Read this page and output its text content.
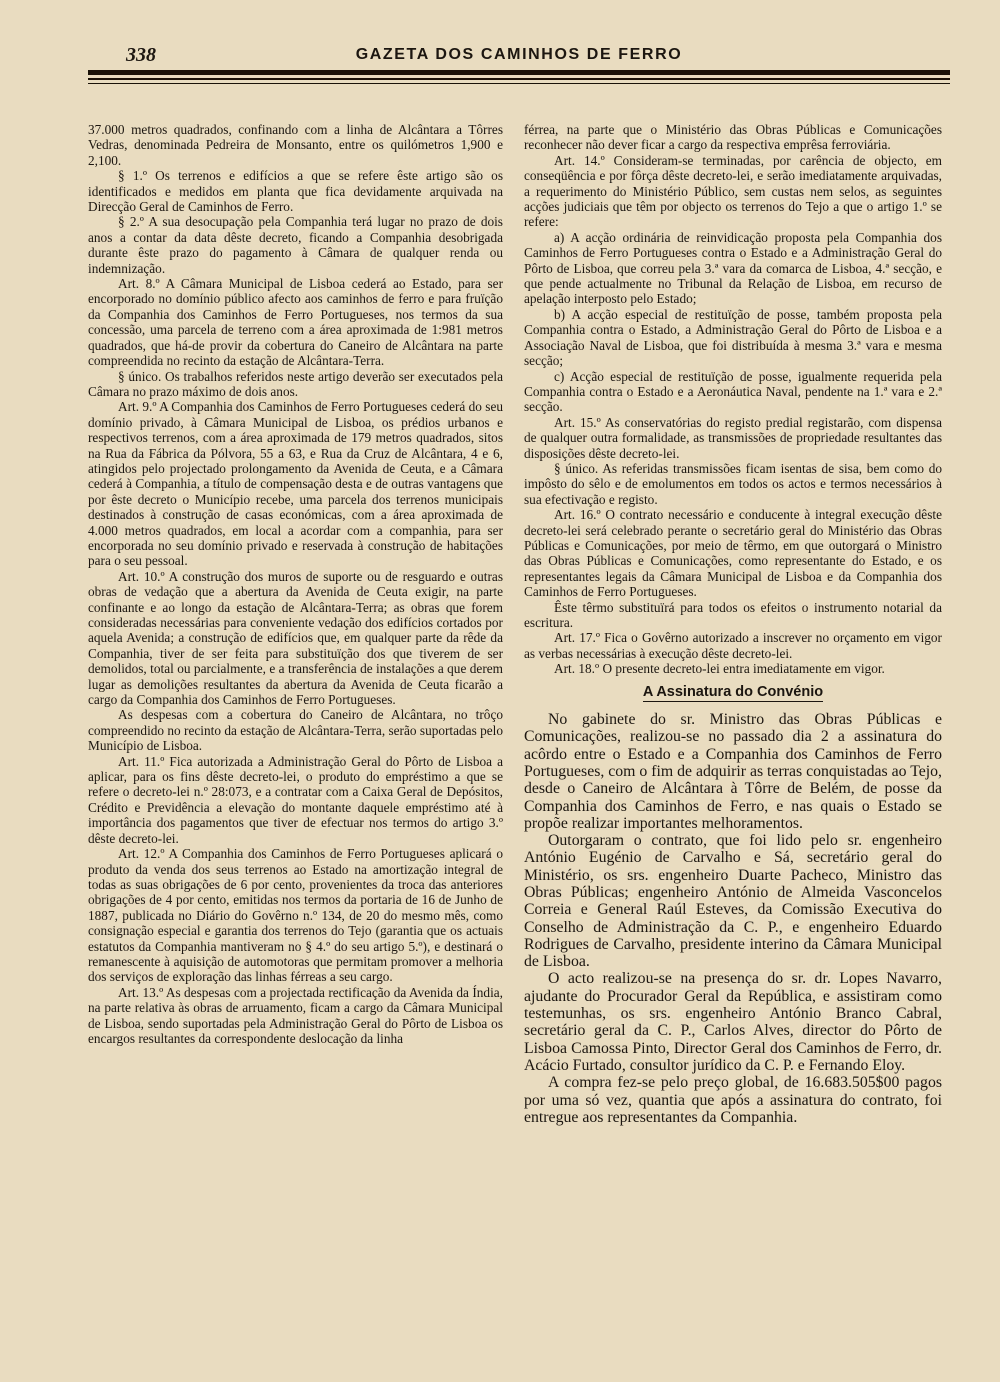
338	GAZETA DOS CAMINHOS DE FERRO

37.000 metros quadrados, confinando com a linha de Alcântara a Tôrres Vedras, denominada Pedreira de Monsanto, entre os quilómetros 1,900 e 2,100.

§ 1.º Os terrenos e edifícios a que se refere êste artigo são os identificados e medidos em planta que fica devidamente arquivada na Direcção Geral de Caminhos de Ferro.

§ 2.º A sua desocupação pela Companhia terá lugar no prazo de dois anos a contar da data dêste decreto, ficando a Companhia desobrigada durante êste prazo do pagamento à Câmara de qualquer renda ou indemnização.

Art. 8.º A Câmara Municipal de Lisboa cederá ao Estado, para ser encorporado no domínio público afecto aos caminhos de ferro e para fruïção da Companhia dos Caminhos de Ferro Portugueses, nos termos da sua concessão, uma parcela de terreno com a área aproximada de 1:981 metros quadrados, que há-de provir da cobertura do Caneiro de Alcântara na parte compreendida no recinto da estação de Alcântara-Terra.

§ único. Os trabalhos referidos neste artigo deverão ser executados pela Câmara no prazo máximo de dois anos.

Art. 9.º A Companhia dos Caminhos de Ferro Portugueses cederá do seu domínio privado, à Câmara Municipal de Lisboa, os prédios urbanos e respectivos terrenos, com a área aproximada de 179 metros quadrados, sitos na Rua da Fábrica da Pólvora, 55 a 63, e Rua da Cruz de Alcântara, 4 e 6, atingidos pelo projectado prolongamento da Avenida de Ceuta, e a Câmara cederá à Companhia, a título de compensação desta e de outras vantagens que por êste decreto o Município recebe, uma parcela dos terrenos municipais destinados à construção de casas económicas, com a área aproximada de 4.000 metros quadrados, em local a acordar com a companhia, para ser encorporada no seu domínio privado e reservada à construção de habitações para o seu pessoal.

Art. 10.º A construção dos muros de suporte ou de resguardo e outras obras de vedação que a abertura da Avenida de Ceuta exigir, na parte confinante e ao longo da estação de Alcântara-Terra; as obras que forem consideradas necessárias para conveniente vedação dos edifícios cortados por aquela Avenida; a construção de edifícios que, em qualquer parte da rêde da Companhia, tiver de ser feita para substituïção dos que tiverem de ser demolidos, total ou parcialmente, e a transferência de instalações a que derem lugar as demolições resultantes da abertura da Avenida de Ceuta ficarão a cargo da Companhia dos Caminhos de Ferro Portugueses.

As despesas com a cobertura do Caneiro de Alcântara, no trôço compreendido no recinto da estação de Alcântara-Terra, serão suportadas pelo Município de Lisboa.

Art. 11.º Fica autorizada a Administração Geral do Pôrto de Lisboa a aplicar, para os fins dêste decreto-lei, o produto do empréstimo a que se refere o decreto-lei n.º 28:073, e a contratar com a Caixa Geral de Depósitos, Crédito e Previdência a elevação do montante daquele empréstimo até à importância dos pagamentos que tiver de efectuar nos termos do artigo 3.º dêste decreto-lei.

Art. 12.º A Companhia dos Caminhos de Ferro Portugueses aplicará o produto da venda dos seus terrenos ao Estado na amortização integral de todas as suas obrigações de 6 por cento, provenientes da troca das anteriores obrigações de 4 por cento, emitidas nos termos da portaria de 16 de Junho de 1887, publicada no Diário do Govêrno n.º 134, de 20 do mesmo mês, como consignação especial e garantia dos terrenos do Tejo (garantia que os actuais estatutos da Companhia mantiveram no § 4.º do seu artigo 5.º), e destinará o remanescente à aquisição de automotoras que permitam promover a melhoria dos serviços de exploração das linhas férreas a seu cargo.

Art. 13.º As despesas com a projectada rectificação da Avenida da Índia, na parte relativa às obras de arruamento, ficam a cargo da Câmara Municipal de Lisboa, sendo suportadas pela Administração Geral do Pôrto de Lisboa os encargos resultantes da correspondente deslocação da linha

férrea, na parte que o Ministério das Obras Públicas e Comunicações reconhecer não dever ficar a cargo da respectiva emprêsa ferroviária.

Art. 14.º Consideram-se terminadas, por carência de objecto, em conseqüência e por fôrça dêste decreto-lei, e serão imediatamente arquivadas, a requerimento do Ministério Público, sem custas nem selos, as seguintes acções judiciais que têm por objecto os terrenos do Tejo a que o artigo 1.º se refere:

a) A acção ordinária de reinvidicação proposta pela Companhia dos Caminhos de Ferro Portugueses contra o Estado e a Administração Geral do Pôrto de Lisboa, que correu pela 3.ª vara da comarca de Lisboa, 4.ª secção, e que pende actualmente no Tribunal da Relação de Lisboa, em recurso de apelação interposto pelo Estado;

b) A acção especial de restituïção de posse, também proposta pela Companhia contra o Estado, a Administração Geral do Pôrto de Lisboa e a Associação Naval de Lisboa, que foi distribuída à mesma 3.ª vara e mesma secção;

c) Acção especial de restituïção de posse, igualmente requerida pela Companhia contra o Estado e a Aeronáutica Naval, pendente na 1.ª vara e 2.ª secção.

Art. 15.º As conservatórias do registo predial registarão, com dispensa de qualquer outra formalidade, as transmissões de propriedade resultantes das disposições dêste decreto-lei.

§ único. As referidas transmissões ficam isentas de sisa, bem como do impôsto do sêlo e de emolumentos em todos os actos e termos necessários à sua efectivação e registo.

Art. 16.º O contrato necessário e conducente à integral execução dêste decreto-lei será celebrado perante o secretário geral do Ministério das Obras Públicas e Comunicações, por meio de têrmo, em que outorgará o Ministro das Obras Públicas e Comunicações, como representante do Estado, e os representantes legais da Câmara Municipal de Lisboa e da Companhia dos Caminhos de Ferro Portugueses.

Êste têrmo substituïrá para todos os efeitos o instrumento notarial da escritura.

Art. 17.º Fica o Govêrno autorizado a inscrever no orçamento em vigor as verbas necessárias à execução dêste decreto-lei.

Art. 18.º O presente decreto-lei entra imediatamente em vigor.

A Assinatura do Convénio

No gabinete do sr. Ministro das Obras Públicas e Comunicações, realizou-se no passado dia 2 a assinatura do acôrdo entre o Estado e a Companhia dos Caminhos de Ferro Portugueses, com o fim de adquirir as terras conquistadas ao Tejo, desde o Caneiro de Alcântara à Tôrre de Belém, de posse da Companhia dos Caminhos de Ferro, e nas quais o Estado se propõe realizar importantes melhoramentos.

Outorgaram o contrato, que foi lido pelo sr. engenheiro António Eugénio de Carvalho e Sá, secretário geral do Ministério, os srs. engenheiro Duarte Pacheco, Ministro das Obras Públicas; engenheiro António de Almeida Vasconcelos Correia e General Raúl Esteves, da Comissão Executiva do Conselho de Administração da C. P., e engenheiro Eduardo Rodrigues de Carvalho, presidente interino da Câmara Municipal de Lisboa.

O acto realizou-se na presença do sr. dr. Lopes Navarro, ajudante do Procurador Geral da República, e assistiram como testemunhas, os srs. engenheiro António Branco Cabral, secretário geral da C. P., Carlos Alves, director do Pôrto de Lisboa Camossa Pinto, Director Geral dos Caminhos de Ferro, dr. Acácio Furtado, consultor jurídico da C. P. e Fernando Eloy.

A compra fez-se pelo preço global, de 16.683.505$00 pagos por uma só vez, quantia que após a assinatura do contrato, foi entregue aos representantes da Companhia.
